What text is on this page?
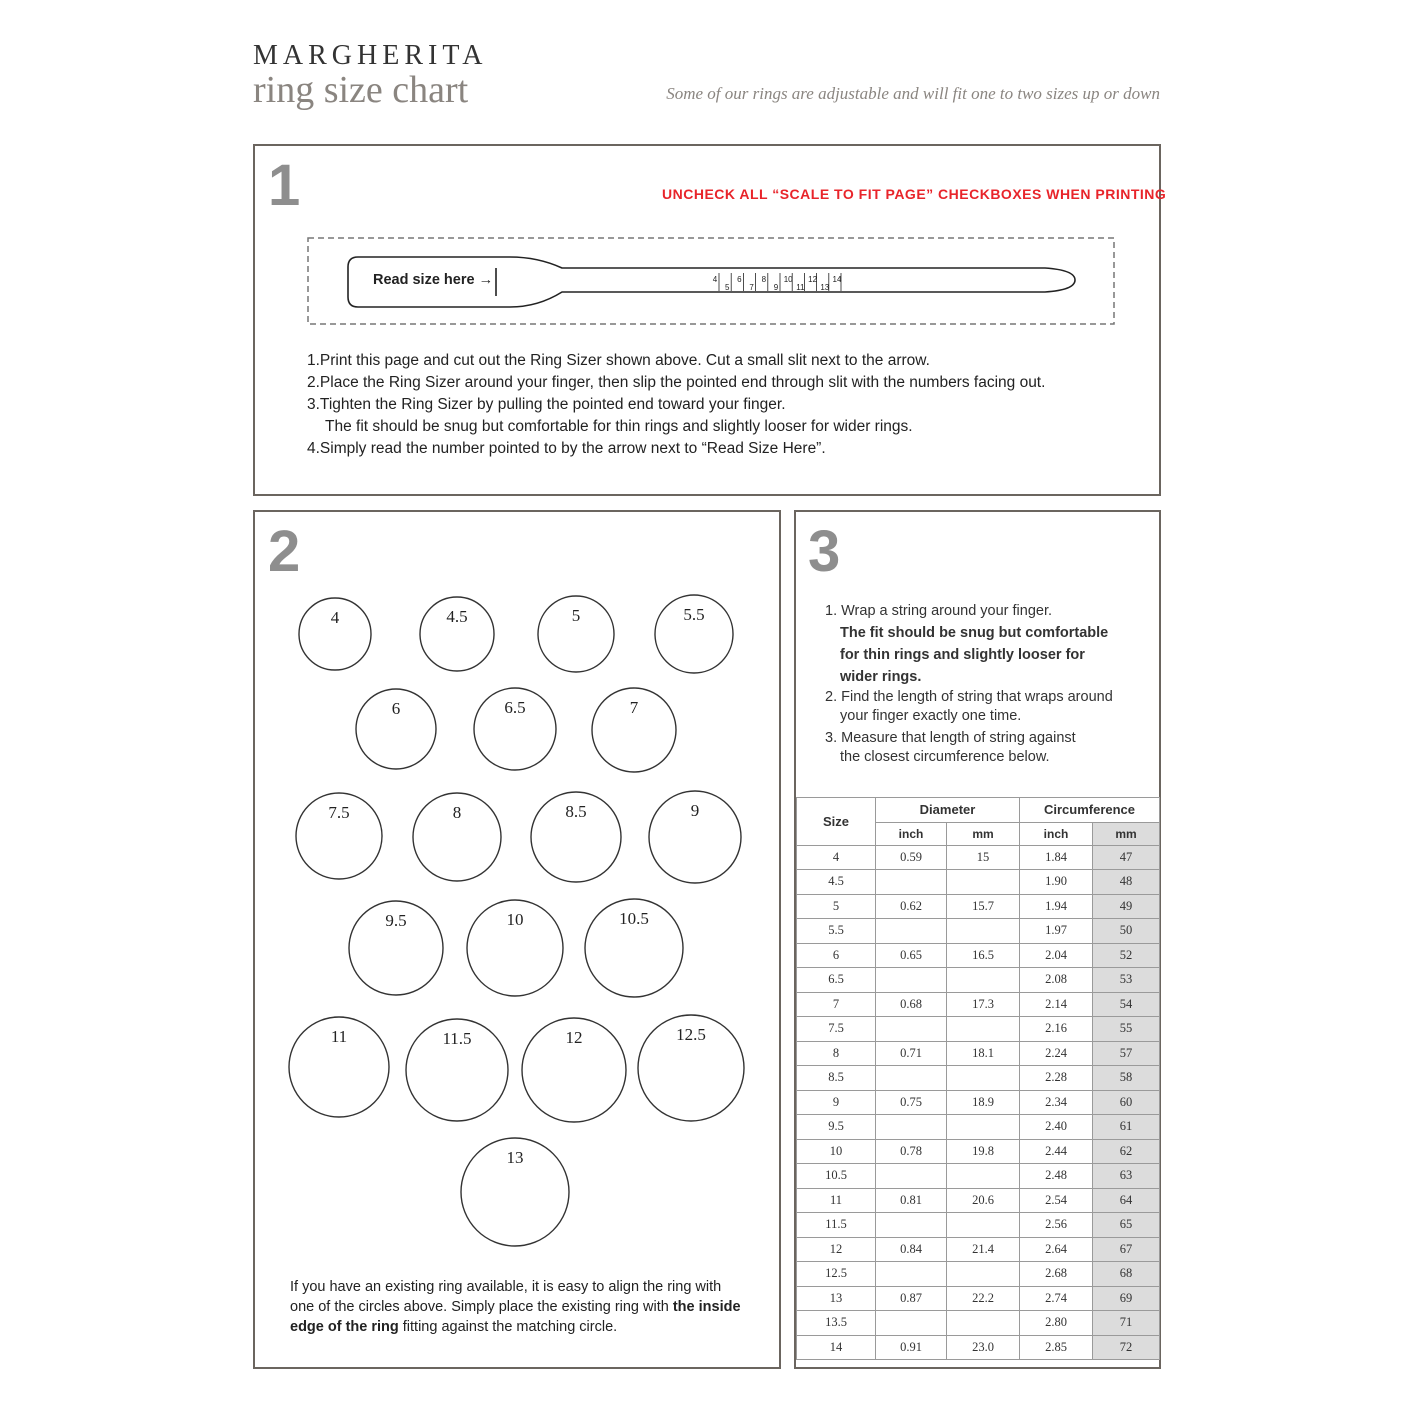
MARGHERITA
ring size chart	Some of our rings are adjustable and will fit one to two sizes up or down
1	UNCHECK ALL “SCALE TO FIT PAGE” CHECKBOXES WHEN PRINTING
4
5
6
7
8
9
10
11
12
13
14
Read size here →
1.Print this page and cut out the Ring Sizer shown above. Cut a small slit next to the arrow.
2.Place the Ring Sizer around your finger, then slip the pointed end through slit with the numbers facing out.
3.Tighten the Ring Sizer by pulling the pointed end toward your finger.
The fit should be snug but comfortable for thin rings and slightly looser for wider rings.
4.Simply read the number pointed to by the arrow next to “Read Size Here”.
2
4	4.5	5	5.5
6	6.5	7
7.5	8	8.5	9
9.5	10	10.5
11	11.5	12	12.5
13
If you have an existing ring available, it is easy to align the ring with
one of the circles above. Simply place the existing ring with the inside
edge of the ring fitting against the matching circle.
3
1. Wrap a string around your finger.
The fit should be snug but comfortable
for thin rings and slightly looser for
wider rings.
2. Find the length of string that wraps around
your finger exactly one time.
3. Measure that length of string against
the closest circumference below.
Size	Diameter		Circumference	
	inch	mm	inch	mm
4	0.59	15	1.84	47
4.5			1.90	48
5	0.62	15.7	1.94	49
5.5			1.97	50
6	0.65	16.5	2.04	52
6.5			2.08	53
7	0.68	17.3	2.14	54
7.5			2.16	55
8	0.71	18.1	2.24	57
8.5			2.28	58
9	0.75	18.9	2.34	60
9.5			2.40	61
10	0.78	19.8	2.44	62
10.5			2.48	63
11	0.81	20.6	2.54	64
11.5			2.56	65
12	0.84	21.4	2.64	67
12.5			2.68	68
13	0.87	22.2	2.74	69
13.5			2.80	71
14	0.91	23.0	2.85	72
